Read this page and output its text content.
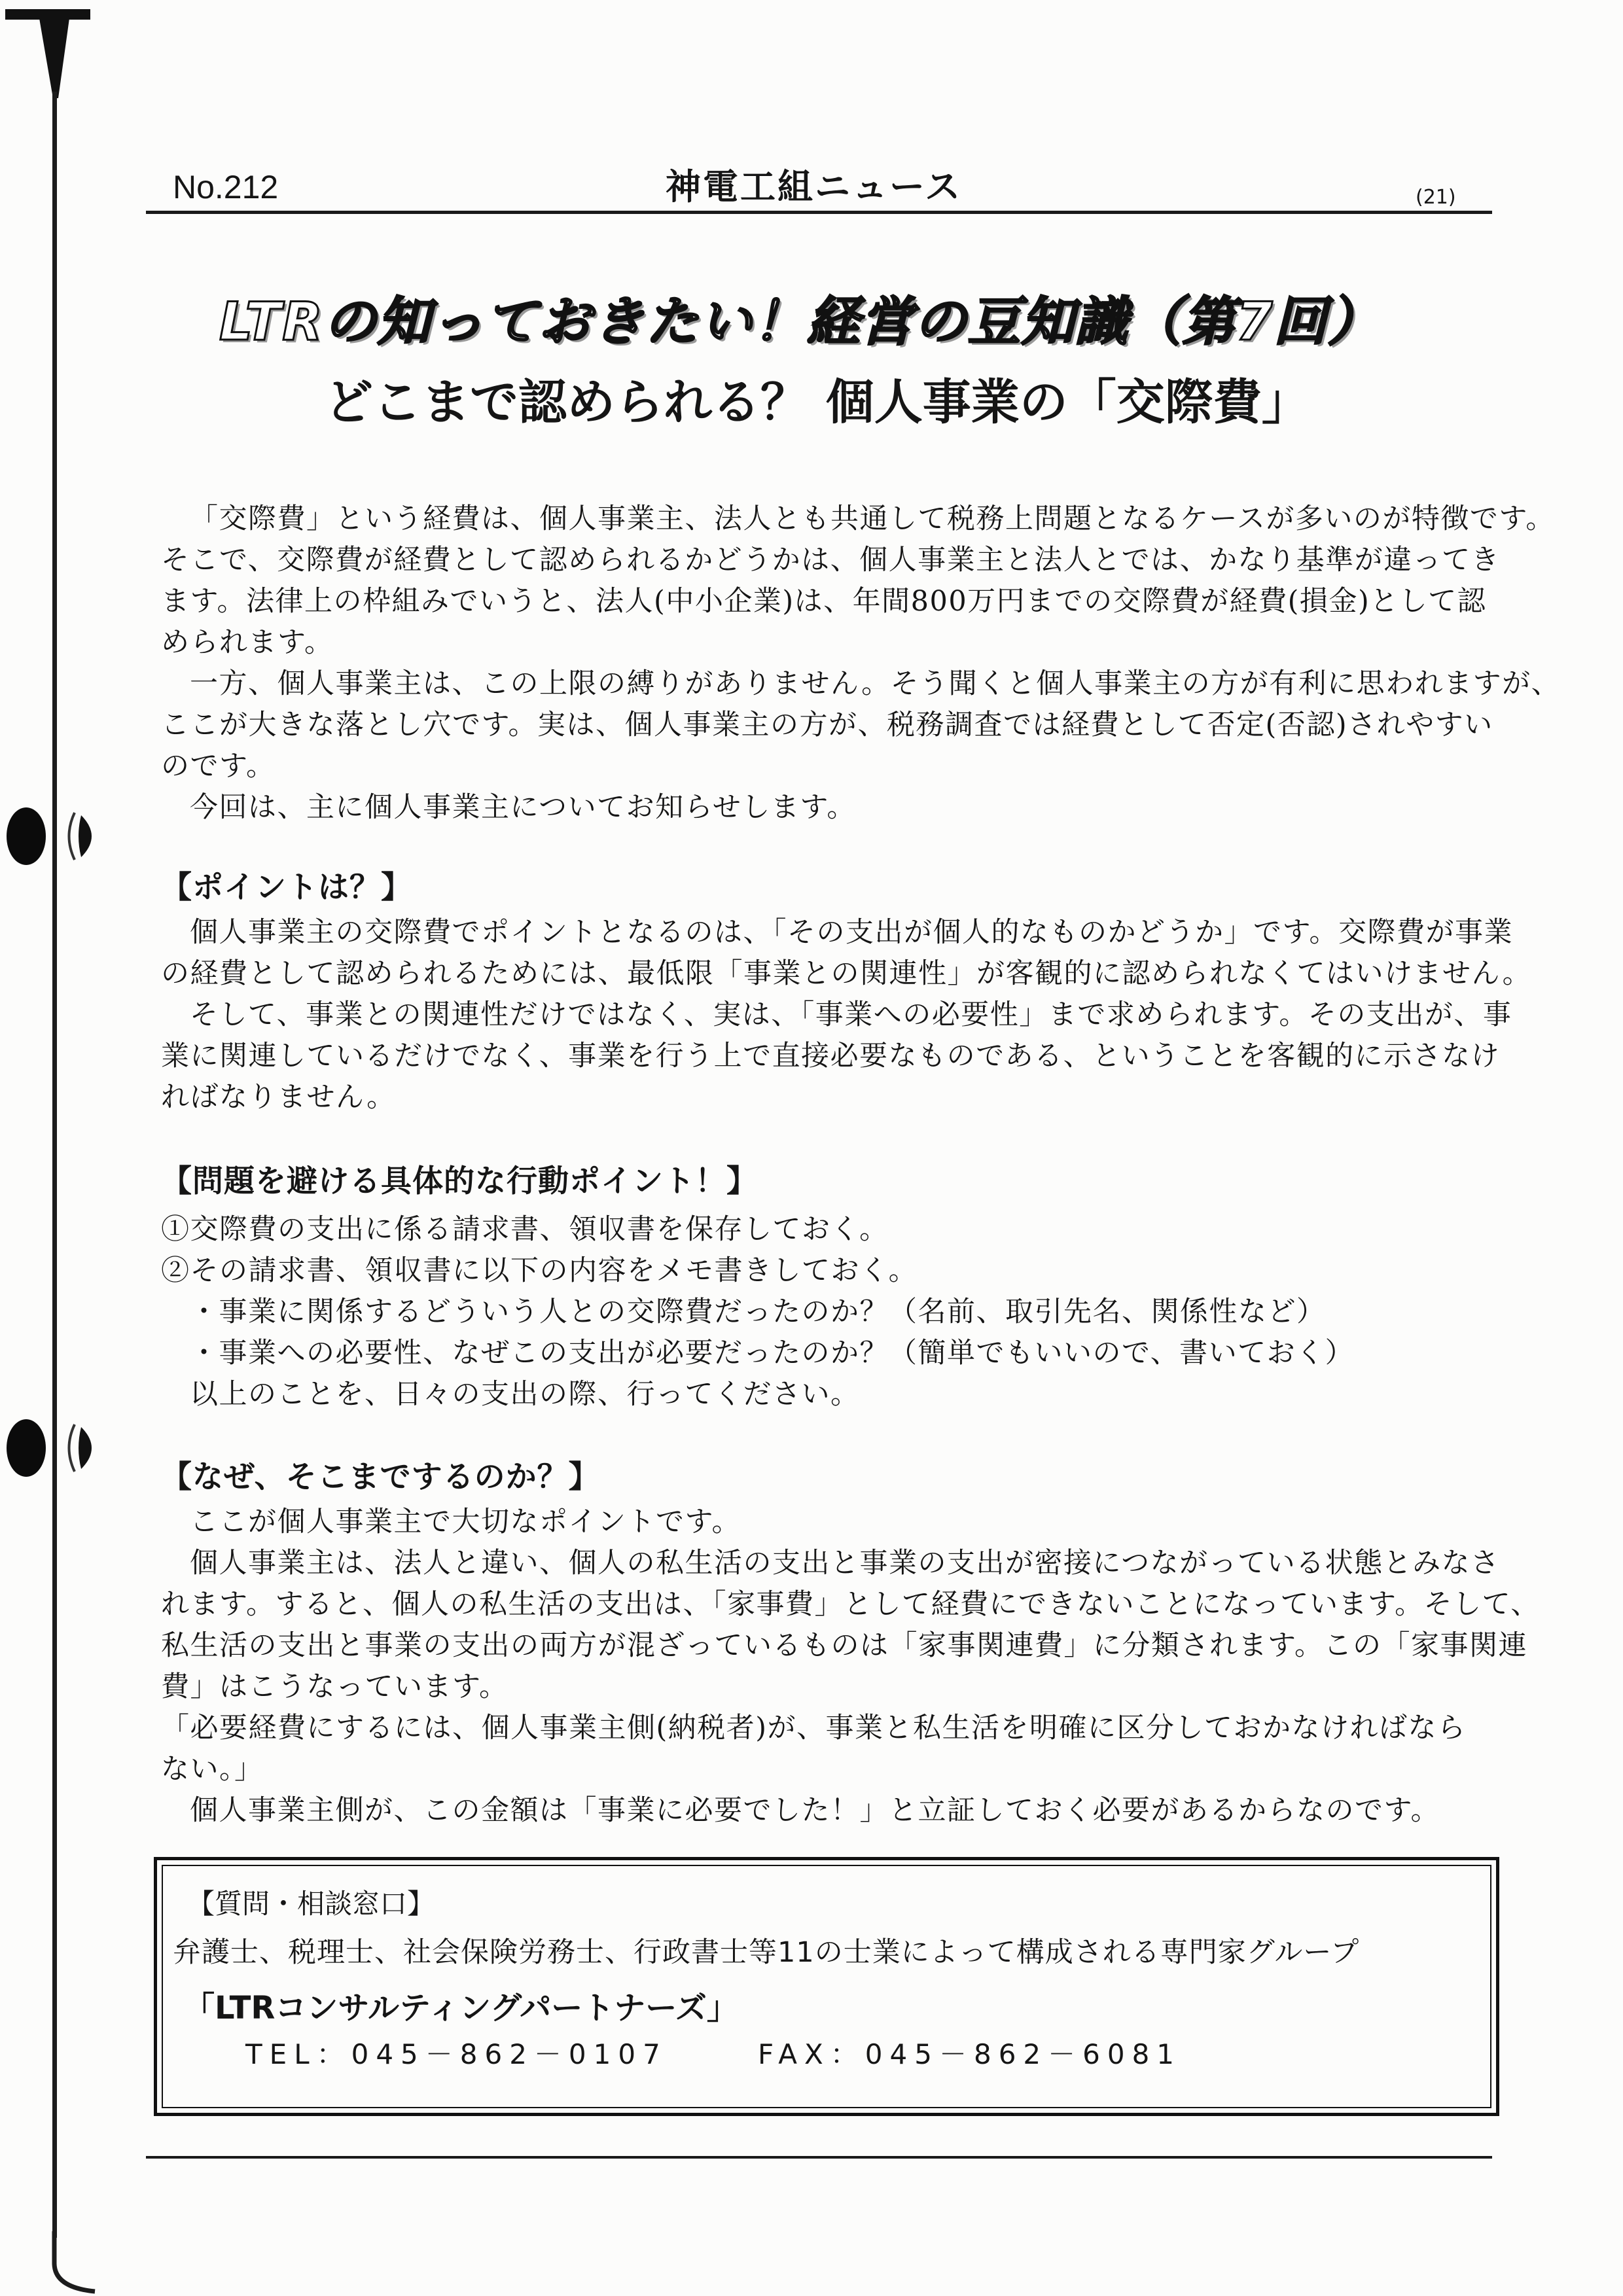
No.212	神電工組ニュース	(21)
LTRの知っておきたい！経営の豆知識（第7回）
どこまで認められる？ 個人事業の「交際費」
「交際費」という経費は、個人事業主、法人とも共通して税務上問題となるケースが多いのが特徴です。
そこで、交際費が経費として認められるかどうかは、個人事業主と法人とでは、かなり基準が違ってき
ます。法律上の枠組みでいうと、法人(中小企業)は、年間800万円までの交際費が経費(損金)として認
められます。
一方、個人事業主は、この上限の縛りがありません。そう聞くと個人事業主の方が有利に思われますが、
ここが大きな落とし穴です。実は、個人事業主の方が、税務調査では経費として否定(否認)されやすい
のです。
今回は、主に個人事業主についてお知らせします。
【ポイントは？】
個人事業主の交際費でポイントとなるのは、「その支出が個人的なものかどうか」です。交際費が事業
の経費として認められるためには、最低限「事業との関連性」が客観的に認められなくてはいけません。
そして、事業との関連性だけではなく、実は、「事業への必要性」まで求められます。その支出が、事
業に関連しているだけでなく、事業を行う上で直接必要なものである、ということを客観的に示さなけ
ればなりません。
【問題を避ける具体的な行動ポイント！】
①交際費の支出に係る請求書、領収書を保存しておく。
②その請求書、領収書に以下の内容をメモ書きしておく。
・事業に関係するどういう人との交際費だったのか？（名前、取引先名、関係性など）
・事業への必要性、なぜこの支出が必要だったのか？（簡単でもいいので、書いておく）
以上のことを、日々の支出の際、行ってください。
【なぜ、そこまでするのか？】
ここが個人事業主で大切なポイントです。
個人事業主は、法人と違い、個人の私生活の支出と事業の支出が密接につながっている状態とみなさ
れます。すると、個人の私生活の支出は、「家事費」として経費にできないことになっています。そして、
私生活の支出と事業の支出の両方が混ざっているものは「家事関連費」に分類されます。この「家事関連
費」はこうなっています。
「必要経費にするには、個人事業主側(納税者)が、事業と私生活を明確に区分しておかなければなら
ない。」
個人事業主側が、この金額は「事業に必要でした！」と立証しておく必要があるからなのです。
【質問・相談窓口】
弁護士、税理士、社会保険労務士、行政書士等11の士業によって構成される専門家グループ
「LTRコンサルティングパートナーズ」
TEL：045－862－0107	FAX：045－862－6081
